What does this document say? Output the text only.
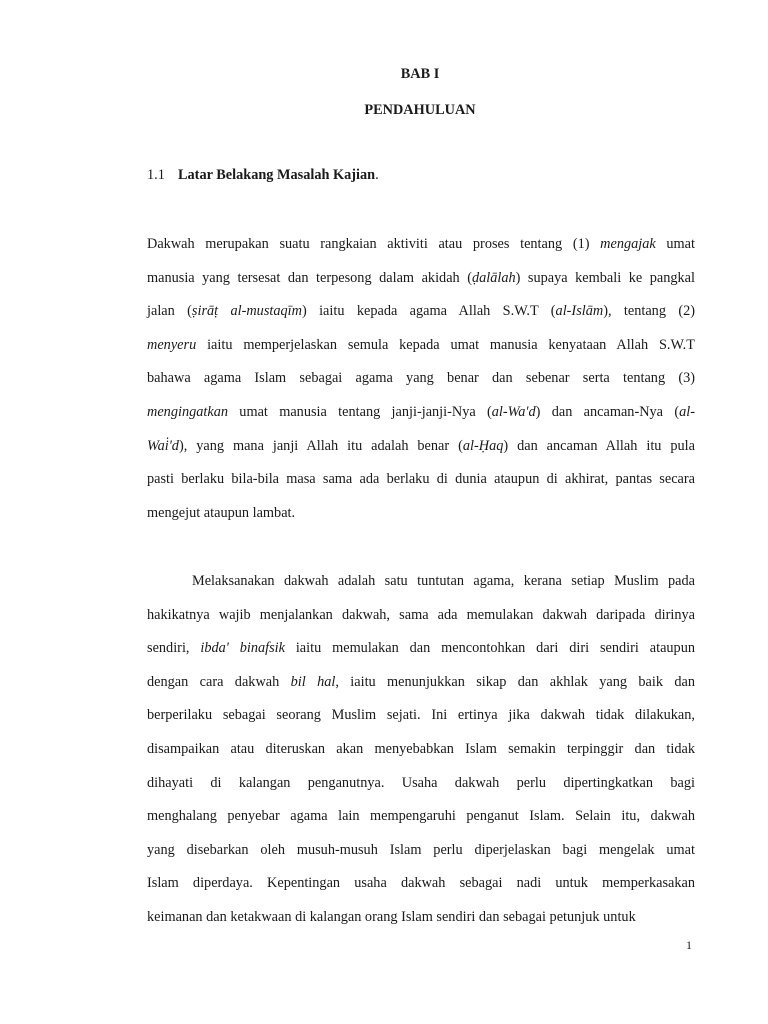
BAB I
PENDAHULUAN
1.1 Latar Belakang Masalah Kajian.
Dakwah merupakan suatu rangkaian aktiviti atau proses tentang (1) mengajak umat
manusia yang tersesat dan terpesong dalam akidah (ḍalālah) supaya kembali ke pangkal
jalan (ṣirāṭ al-mustaqīm) iaitu kepada agama Allah S.W.T (al-Islām), tentang (2)
menyeru iaitu memperjelaskan semula kepada umat manusia kenyataan Allah S.W.T
bahawa agama Islam sebagai agama yang benar dan sebenar serta tentang (3)
mengingatkan umat manusia tentang janji-janji-Nya (al-Wa'd) dan ancaman-Nya (al-
Wai̇'d), yang mana janji Allah itu adalah benar (al-Ḥaq) dan ancaman Allah itu pula
pasti berlaku bila-bila masa sama ada berlaku di dunia ataupun di akhirat, pantas secara
mengejut ataupun lambat.
Melaksanakan dakwah adalah satu tuntutan agama, kerana setiap Muslim pada
hakikatnya wajib menjalankan dakwah, sama ada memulakan dakwah daripada dirinya
sendiri, ibda' binafsik iaitu memulakan dan mencontohkan dari diri sendiri ataupun
dengan cara dakwah bil hal, iaitu menunjukkan sikap dan akhlak yang baik dan
berperilaku sebagai seorang Muslim sejati. Ini ertinya jika dakwah tidak dilakukan,
disampaikan atau diteruskan akan menyebabkan Islam semakin terpinggir dan tidak
dihayati di kalangan penganutnya. Usaha dakwah perlu dipertingkatkan bagi
menghalang penyebar agama lain mempengaruhi penganut Islam. Selain itu, dakwah
yang disebarkan oleh musuh-musuh Islam perlu diperjelaskan bagi mengelak umat
Islam diperdaya. Kepentingan usaha dakwah sebagai nadi untuk memperkasakan
keimanan dan ketakwaan di kalangan orang Islam sendiri dan sebagai petunjuk untuk
1
